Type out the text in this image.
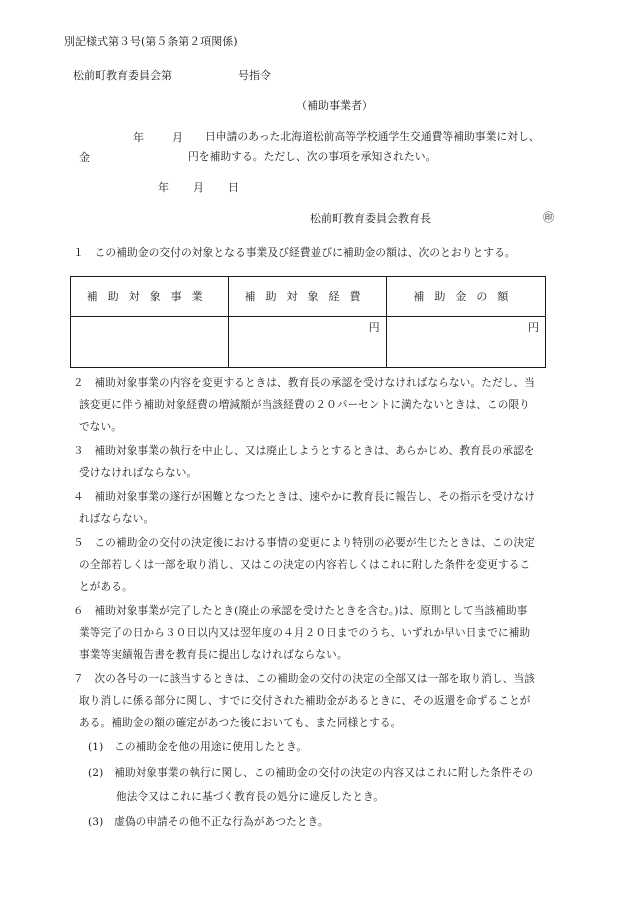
別記様式第３号(第５条第２項関係)
松前町教育委員会第	号指令
（補助事業者）
年	月 日申請のあった北海道松前高等学校通学生交通費等補助事業に対し、
金	円を補助する。ただし、次の事項を承知されたい。
年 月 日
松前町教育委員会教育長	㊞
１　この補助金の交付の対象となる事業及び経費並びに補助金の額は、次のとおりとする。
補助対象事業	補助対象経費	補助金の額
	円	円
２　補助対象事業の内容を変更するときは、教育長の承認を受けなければならない。ただし、当
該変更に伴う補助対象経費の増減額が当該経費の２０パーセントに満たないときは、この限り
でない。
３　補助対象事業の執行を中止し、又は廃止しようとするときは、あらかじめ、教育長の承認を
受けなければならない。
４　補助対象事業の遂行が困難となつたときは、速やかに教育長に報告し、その指示を受けなけ
ればならない。
５　この補助金の交付の決定後における事情の変更により特別の必要が生じたときは、この決定
の全部若しくは一部を取り消し、又はこの決定の内容若しくはこれに附した条件を変更するこ
とがある。
６　補助対象事業が完了したとき(廃止の承認を受けたときを含む。)は、原則として当該補助事
業等完了の日から３０日以内又は翌年度の４月２０日までのうち、いずれか早い日までに補助
事業等実績報告書を教育長に提出しなければならない。
７　次の各号の一に該当するときは、この補助金の交付の決定の全部又は一部を取り消し、当該
取り消しに係る部分に関し、すでに交付された補助金があるときに、その返還を命ずることが
ある。補助金の額の確定があつた後においても、また同様とする。
(1)　この補助金を他の用途に使用したとき。
(2)　補助対象事業の執行に関し、この補助金の交付の決定の内容又はこれに附した条件その
他法令又はこれに基づく教育長の処分に違反したとき。
(3)　虚偽の申請その他不正な行為があつたとき。
